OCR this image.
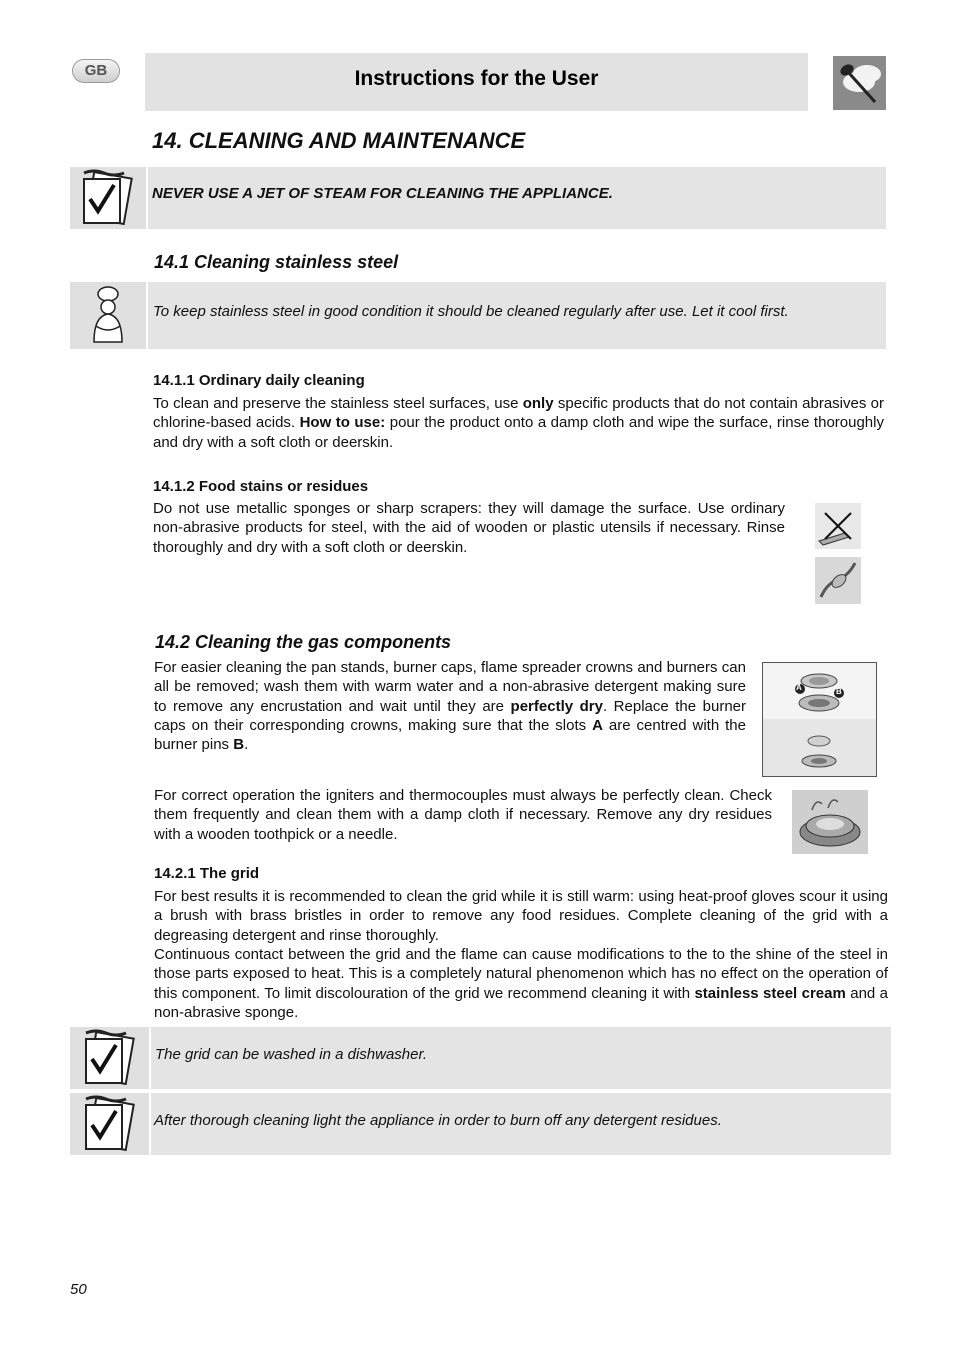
GB	Instructions for the User
14. CLEANING AND MAINTENANCE
NEVER USE A JET OF STEAM FOR CLEANING THE APPLIANCE.
14.1 Cleaning stainless steel
To keep stainless steel in good condition it should be cleaned regularly after use. Let it cool first.
14.1.1 Ordinary daily cleaning
To clean and preserve the stainless steel surfaces, use only specific products that do not contain abrasives or chlorine-based acids. How to use: pour the product onto a damp cloth and wipe the surface, rinse thoroughly and dry with a soft cloth or deerskin.
14.1.2 Food stains or residues
Do not use metallic sponges or sharp scrapers: they will damage the surface. Use ordinary non-abrasive products for steel, with the aid of wooden or plastic utensils if necessary. Rinse thoroughly and dry with a soft cloth or deerskin.
14.2 Cleaning the gas components
For easier cleaning the pan stands, burner caps, flame spreader crowns and burners can all be removed; wash them with warm water and a non-abrasive detergent making sure to remove any encrustation and wait until they are perfectly dry. Replace the burner caps on their corresponding crowns, making sure that the slots A are centred with the burner pins B.
A	B
For correct operation the igniters and thermocouples must always be perfectly clean. Check them frequently and clean them with a damp cloth if necessary. Remove any dry residues with a wooden toothpick or a needle.
14.2.1 The grid
For best results it is recommended to clean the grid while it is still warm: using heat-proof gloves scour it using a brush with brass bristles in order to remove any food residues. Complete cleaning of the grid with a degreasing detergent and rinse thoroughly.
Continuous contact between the grid and the flame can cause modifications to the to the shine of the steel in those parts exposed to heat. This is a completely natural phenomenon which has no effect on the operation of this component. To limit discolouration of the grid we recommend cleaning it with stainless steel cream and a non-abrasive sponge.
The grid can be washed in a dishwasher.
After thorough cleaning light the appliance in order to burn off any detergent residues.
50
